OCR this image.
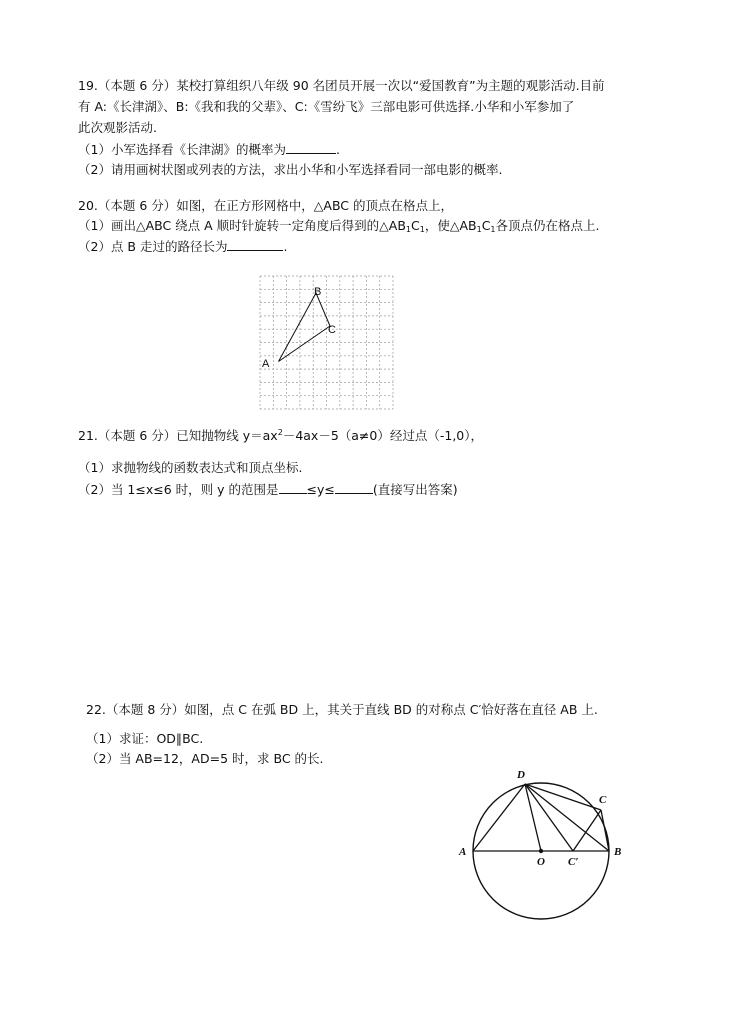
19.（本题 6 分）某校打算组织八年级 90 名团员开展一次以“爱国教育”为主题的观影活动.目前
有 A:《长津湖》、B:《我和我的父辈》、C:《雪纷飞》三部电影可供选择.小华和小军参加了
此次观影活动.
（1）小军选择看《长津湖》的概率为	.
（2）请用画树状图或列表的方法，求出小华和小军选择看同一部电影的概率.
20.（本题 6 分）如图，在正方形网格中，△ABC 的顶点在格点上，
（1）画出△ABC 绕点 A 顺时针旋转一定角度后得到的$\triangle AB_1C_1$，使$\triangle AB_1C_1$各顶点仍在格点上.
（2）点 B 走过的路径长为	.
A
B
C
21.（本题 6 分）已知抛物线 $y=ax^2-4ax-5(a\ne 0)$经过点（-1,0），
（1）求抛物线的函数表达式和顶点坐标.
（2）当 1≤x≤6 时，则 y 的范围是 ≤y≤	(直接写出答案)
22.（本题 8 分）如图，点 C 在弧 BD 上，其关于直线 BD 的对称点 C′恰好落在直径 AB 上.
（1）求证：OD∥BC.
（2）当 AB=12，AD=5 时，求 BC 的长.
A	B
C
D
O C′
